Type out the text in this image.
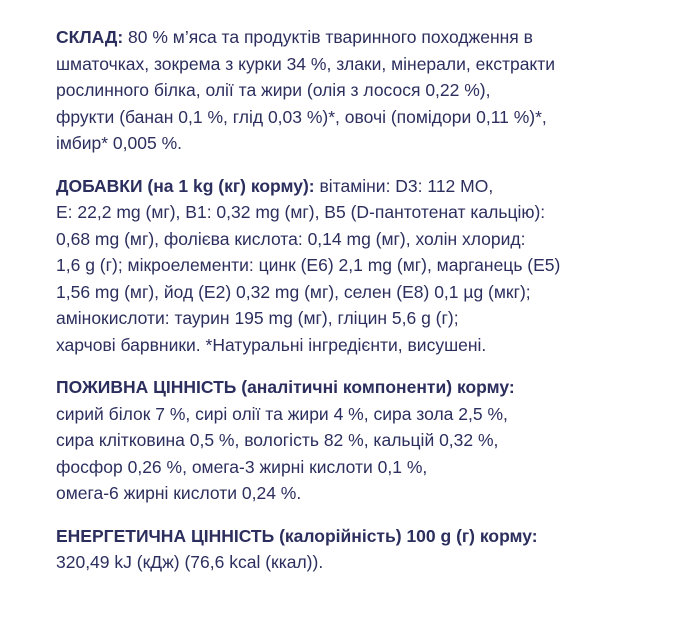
СКЛАД: 80 % м’яса та продуктів тваринного походження в
шматочках, зокрема з курки 34 %, злаки, мінерали, екстракти
рослинного білка, олії та жири (олія з лосося 0,22 %),
фрукти (банан 0,1 %, глід 0,03 %)*, овочі (помідори 0,11 %)*,
імбир* 0,005 %.

ДОБАВКИ (на 1 kg (кг) корму): вітаміни: D3: 112 МО,
E: 22,2 mg (мг), B1: 0,32 mg (мг), B5 (D-пантотенат кальцію):
0,68 mg (мг), фолієва кислота: 0,14 mg (мг), холін хлорид:
1,6 g (г); мікроелементи: цинк (E6) 2,1 mg (мг), марганець (E5)
1,56 mg (мг), йод (E2) 0,32 mg (мг), селен (E8) 0,1 µg (мкг);
амінокислоти: таурин 195 mg (мг), гліцин 5,6 g (г);
харчові барвники. *Натуральні інгредієнти, висушені.

ПОЖИВНА ЦІННІСТЬ (аналітичні компоненти) корму:
сирий білок 7 %, сирі олії та жири 4 %, сира зола 2,5 %,
сира клітковина 0,5 %, вологість 82 %, кальцій 0,32 %,
фосфор 0,26 %, омега-3 жирні кислоти 0,1 %,
омега-6 жирні кислоти 0,24 %.

ЕНЕРГЕТИЧНА ЦІННІСТЬ (калорійність) 100 g (г) корму:
320,49 kJ (кДж) (76,6 kcal (ккал)).
